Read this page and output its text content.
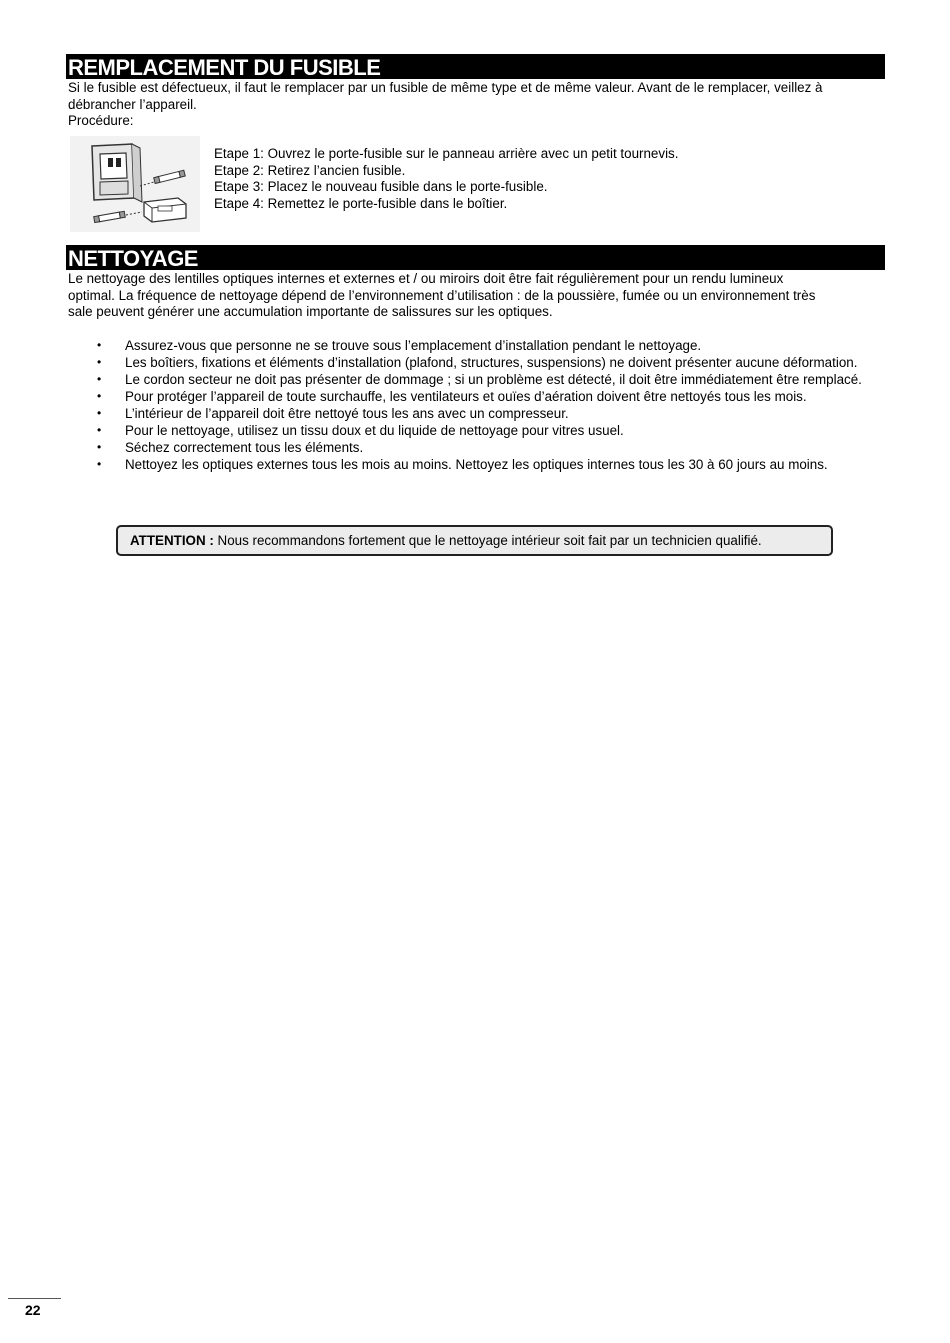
REMPLACEMENT DU FUSIBLE
Si le fusible est défectueux, il faut le remplacer par un fusible de même type et de même valeur. Avant de le remplacer, veillez à
débrancher l’appareil.
Procédure:
Etape 1: Ouvrez le porte-fusible sur le panneau arrière avec un petit tournevis.
Etape 2: Retirez l’ancien fusible.
Etape 3: Placez le nouveau fusible dans le porte-fusible.
Etape 4: Remettez le porte-fusible dans le boîtier.
NETTOYAGE
Le nettoyage des lentilles optiques internes et externes et / ou miroirs doit être fait régulièrement pour un rendu lumineux
optimal. La fréquence de nettoyage dépend de l’environnement d’utilisation : de la poussière, fumée ou un environnement très
sale peuvent générer une accumulation importante de salissures sur les optiques.
• Assurez-vous que personne ne se trouve sous l’emplacement d’installation pendant le nettoyage.
• Les boîtiers, fixations et éléments d’installation (plafond, structures, suspensions) ne doivent présenter aucune déformation.
• Le cordon secteur ne doit pas présenter de dommage ; si un problème est détecté, il doit être immédiatement être remplacé.
• Pour protéger l’appareil de toute surchauffe, les ventilateurs et ouïes d’aération doivent être nettoyés tous les mois.
• L’intérieur de l’appareil doit être nettoyé tous les ans avec un compresseur.
• Pour le nettoyage, utilisez un tissu doux et du liquide de nettoyage pour vitres usuel.
• Séchez correctement tous les éléments.
• Nettoyez les optiques externes tous les mois au moins. Nettoyez les optiques internes tous les 30 à 60 jours au moins.
ATTENTION : Nous recommandons fortement que le nettoyage intérieur soit fait par un technicien qualifié.
22
